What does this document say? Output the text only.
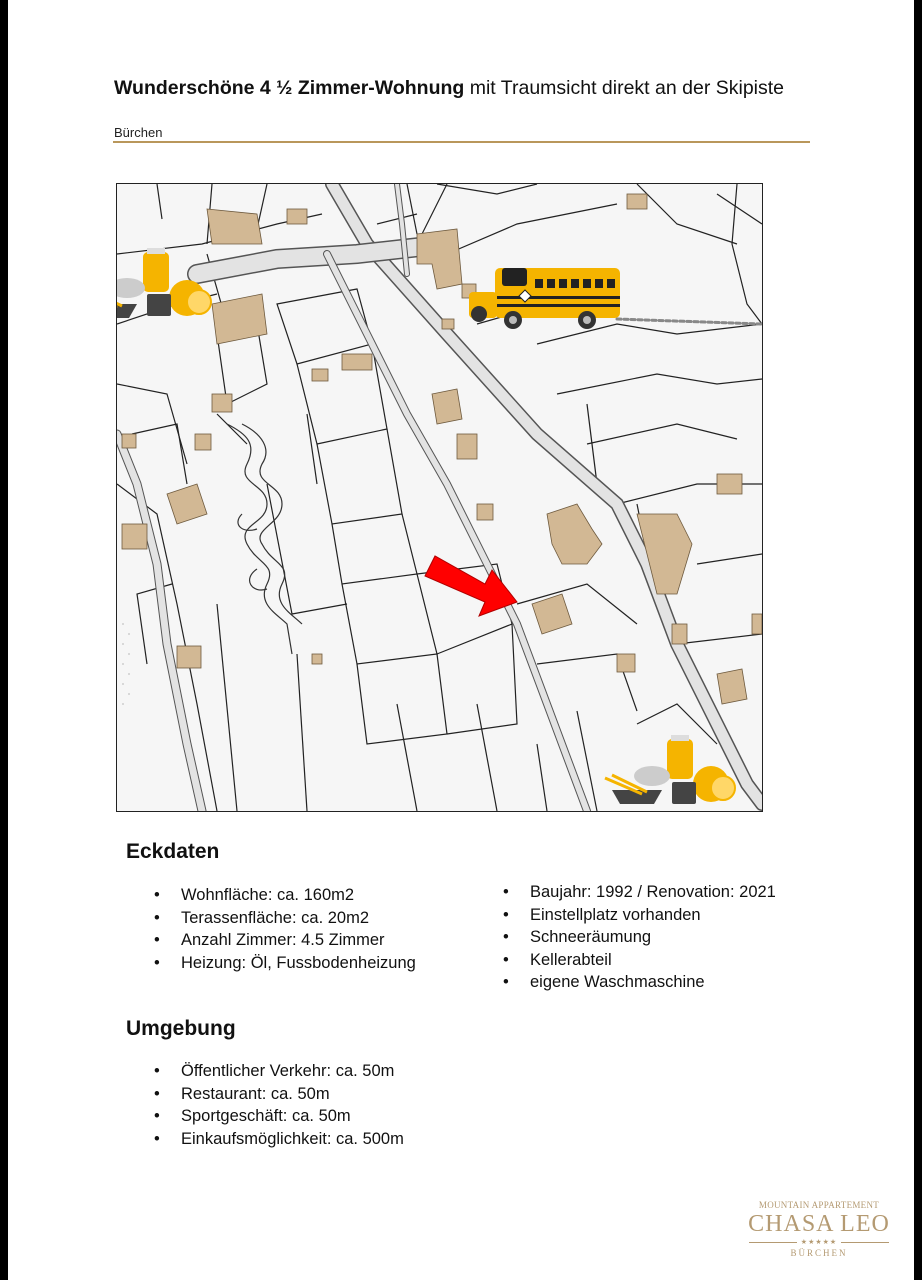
Wunderschöne 4 ½ Zimmer-Wohnung mit Traumsicht direkt an der Skipiste
Bürchen
Eckdaten
• Wohnfläche: ca. 160m2
• Terassenfläche: ca. 20m2
• Anzahl Zimmer: 4.5 Zimmer
• Heizung: Öl, Fussbodenheizung
• Baujahr: 1992 / Renovation: 2021
• Einstellplatz vorhanden
• Schneeräumung
• Kellerabteil
• eigene Waschmaschine
Umgebung
• Öffentlicher Verkehr: ca. 50m
• Restaurant: ca. 50m
• Sportgeschäft: ca. 50m
• Einkaufsmöglichkeit: ca. 500m
MOUNTAIN APPARTEMENT
CHASA LEO
★★★★★
BÜRCHEN
